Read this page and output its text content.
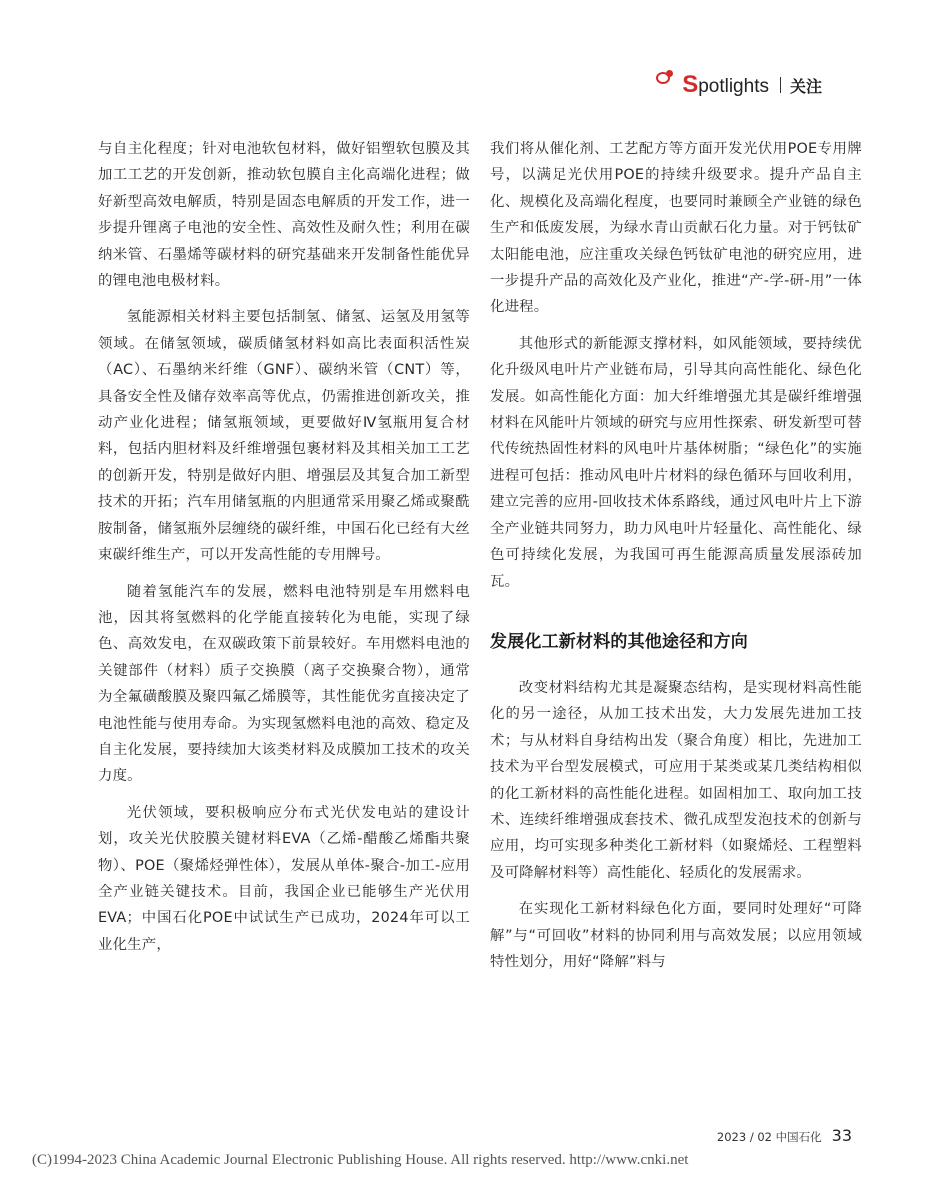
Spotlights 关注

与自主化程度；针对电池软包材料，做好铝塑软包膜及其加工工艺的开发创新，推动软包膜自主化高端化进程；做好新型高效电解质，特别是固态电解质的开发工作，进一步提升锂离子电池的安全性、高效性及耐久性；利用在碳纳米管、石墨烯等碳材料的研究基础来开发制备性能优异的锂电池电极材料。

氢能源相关材料主要包括制氢、储氢、运氢及用氢等领域。在储氢领域，碳质储氢材料如高比表面积活性炭（AC）、石墨纳米纤维（GNF）、碳纳米管（CNT）等，具备安全性及储存效率高等优点，仍需推进创新攻关，推动产业化进程；储氢瓶领域，更要做好Ⅳ氢瓶用复合材料，包括内胆材料及纤维增强包裹材料及其相关加工工艺的创新开发，特别是做好内胆、增强层及其复合加工新型技术的开拓；汽车用储氢瓶的内胆通常采用聚乙烯或聚酰胺制备，储氢瓶外层缠绕的碳纤维，中国石化已经有大丝束碳纤维生产，可以开发高性能的专用牌号。

随着氢能汽车的发展，燃料电池特别是车用燃料电池，因其将氢燃料的化学能直接转化为电能，实现了绿色、高效发电，在双碳政策下前景较好。车用燃料电池的关键部件（材料）质子交换膜（离子交换聚合物），通常为全氟磺酸膜及聚四氟乙烯膜等，其性能优劣直接决定了电池性能与使用寿命。为实现氢燃料电池的高效、稳定及自主化发展，要持续加大该类材料及成膜加工技术的攻关力度。

光伏领域，要积极响应分布式光伏发电站的建设计划，攻关光伏胶膜关键材料EVA（乙烯-醋酸乙烯酯共聚物）、POE（聚烯烃弹性体），发展从单体-聚合-加工-应用全产业链关键技术。目前，我国企业已能够生产光伏用EVA；中国石化POE中试试生产已成功，2024年可以工业化生产，

我们将从催化剂、工艺配方等方面开发光伏用POE专用牌号，以满足光伏用POE的持续升级要求。提升产品自主化、规模化及高端化程度，也要同时兼顾全产业链的绿色生产和低废发展，为绿水青山贡献石化力量。对于钙钛矿太阳能电池，应注重攻关绿色钙钛矿电池的研究应用，进一步提升产品的高效化及产业化，推进“产-学-研-用”一体化进程。

其他形式的新能源支撑材料，如风能领域，要持续优化升级风电叶片产业链布局，引导其向高性能化、绿色化发展。如高性能化方面：加大纤维增强尤其是碳纤维增强材料在风能叶片领域的研究与应用性探索、研发新型可替代传统热固性材料的风电叶片基体树脂；“绿色化”的实施进程可包括：推动风电叶片材料的绿色循环与回收利用，建立完善的应用-回收技术体系路线，通过风电叶片上下游全产业链共同努力，助力风电叶片轻量化、高性能化、绿色可持续化发展，为我国可再生能源高质量发展添砖加瓦。

发展化工新材料的其他途径和方向

改变材料结构尤其是凝聚态结构，是实现材料高性能化的另一途径，从加工技术出发，大力发展先进加工技术；与从材料自身结构出发（聚合角度）相比，先进加工技术为平台型发展模式，可应用于某类或某几类结构相似的化工新材料的高性能化进程。如固相加工、取向加工技术、连续纤维增强成套技术、微孔成型发泡技术的创新与应用，均可实现多种类化工新材料（如聚烯烃、工程塑料及可降解材料等）高性能化、轻质化的发展需求。

在实现化工新材料绿色化方面，要同时处理好“可降解”与“可回收”材料的协同利用与高效发展；以应用领域特性划分，用好“降解”料与

2023 / 02 中国石化 33
(C)1994-2023 China Academic Journal Electronic Publishing House. All rights reserved. http://www.cnki.net
